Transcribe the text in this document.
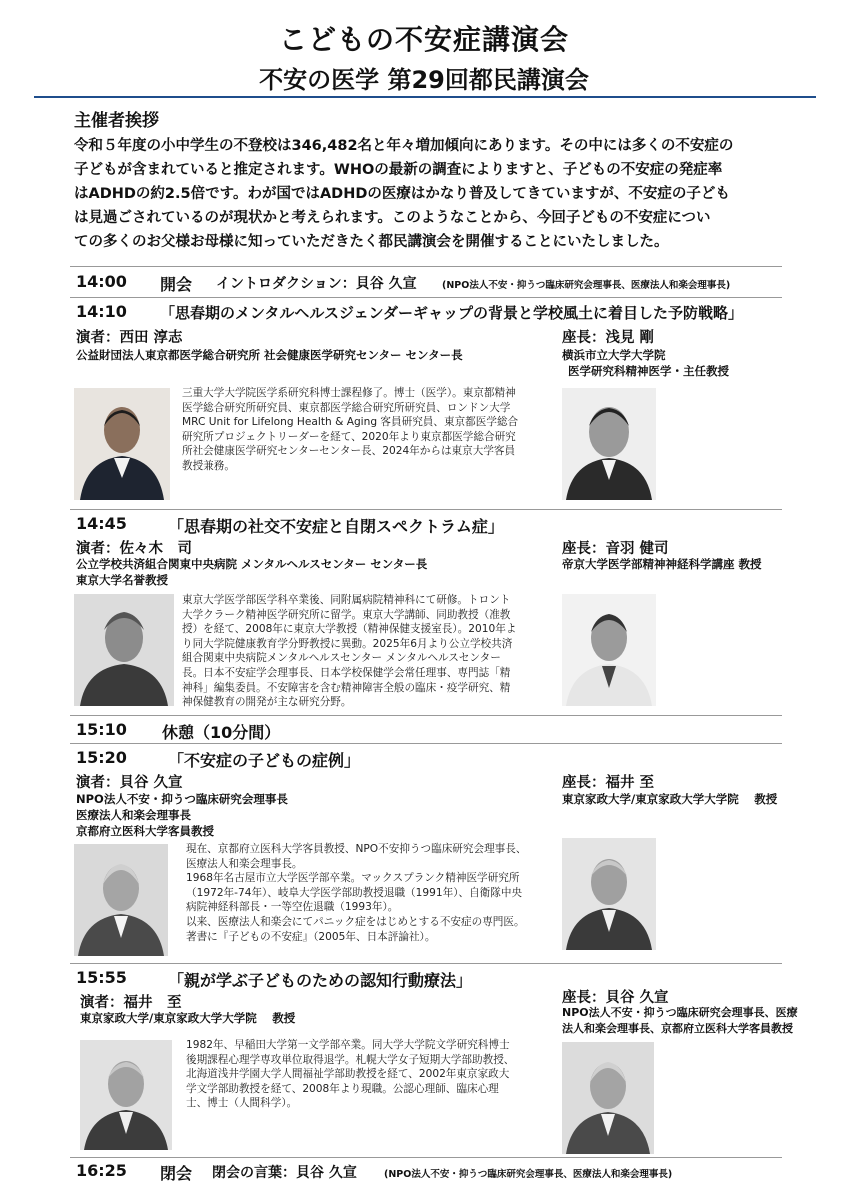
こどもの不安症講演会
不安の医学 第29回都民講演会
主催者挨拶
令和５年度の小中学生の不登校は346,482名と年々増加傾向にあります。その中には多くの不安症の
子どもが含まれていると推定されます。WHOの最新の調査によりますと、子どもの不安症の発症率
はADHDの約2.5倍です。わが国ではADHDの医療はかなり普及してきていますが、不安症の子ども
は見過ごされているのが現状かと考えられます。このようなことから、今回子どもの不安症につい
ての多くのお父様お母様に知っていただきたく都民講演会を開催することにいたしました。
14:00 開会 イントロダクション：貝谷 久宣	(NPO法人不安・抑うつ臨床研究会理事長、医療法人和楽会理事長)
14:10 「思春期のメンタルヘルスジェンダーギャップの背景と学校風土に着目した予防戦略」
演者：西田 淳志
公益財団法人東京都医学総合研究所 社会健康医学研究センター センター長
座長：浅見 剛
横浜市立大学大学院
医学研究科精神医学・主任教授
三重大学大学院医学系研究科博士課程修了。博士（医学）。東京都精神
医学総合研究所研究員、東京都医学総合研究所研究員、ロンドン大学
MRC Unit for Lifelong Health & Aging 客員研究員、東京都医学総合
研究所プロジェクトリーダーを経て、2020年より東京都医学総合研究
所社会健康医学研究センターセンター長、2024年からは東京大学客員
教授兼務。
14:45	「思春期の社交不安症と自閉スペクトラム症」
演者：佐々木　司
公立学校共済組合関東中央病院 メンタルヘルスセンター センター長
東京大学名誉教授
座長：音羽 健司
帝京大学医学部精神神経科学講座 教授
東京大学医学部医学科卒業後、同附属病院精神科にて研修。トロント
大学クラーク精神医学研究所に留学。東京大学講師、同助教授（准教
授）を経て、2008年に東京大学教授（精神保健支援室長）。2010年よ
り同大学院健康教育学分野教授に異動。2025年6月より公立学校共済
組合関東中央病院メンタルヘルスセンター メンタルヘルスセンター
長。日本不安症学会理事長、日本学校保健学会常任理事、専門誌「精
神科」編集委員。不安障害を含む精神障害全般の臨床・疫学研究、精
神保健教育の開発が主な研究分野。
15:10 休憩（10分間）
15:20	「不安症の子どもの症例」
演者：貝谷 久宣
NPO法人不安・抑うつ臨床研究会理事長
医療法人和楽会理事長
京都府立医科大学客員教授
座長：福井 至
東京家政大学/東京家政大学大学院　 教授
現在、京都府立医科大学客員教授、NPO不安抑うつ臨床研究会理事長、
医療法人和楽会理事長。
1968年名古屋市立大学医学部卒業。マックスプランク精神医学研究所
（1972年-74年）、岐阜大学医学部助教授退職（1991年）、自衛隊中央
病院神経科部長・一等空佐退職（1993年）。
以来、医療法人和楽会にてパニック症をはじめとする不安症の専門医。
著書に『子どもの不安症』（2005年、日本評論社）。
15:55	「親が学ぶ子どものための認知行動療法」
演者：福井　至
東京家政大学/東京家政大学大学院　 教授
座長：貝谷 久宣
NPO法人不安・抑うつ臨床研究会理事長、医療
法人和楽会理事長、京都府立医科大学客員教授
1982年、早稲田大学第一文学部卒業。同大学大学院文学研究科博士
後期課程心理学専攻単位取得退学。札幌大学女子短期大学部助教授、
北海道浅井学園大学人間福祉学部助教授を経て、2002年東京家政大
学文学部助教授を経て、2008年より現職。公認心理師、臨床心理
士、博士（人間科学）。
16:25 閉会 閉会の言葉：貝谷 久宣	(NPO法人不安・抑うつ臨床研究会理事長、医療法人和楽会理事長)
